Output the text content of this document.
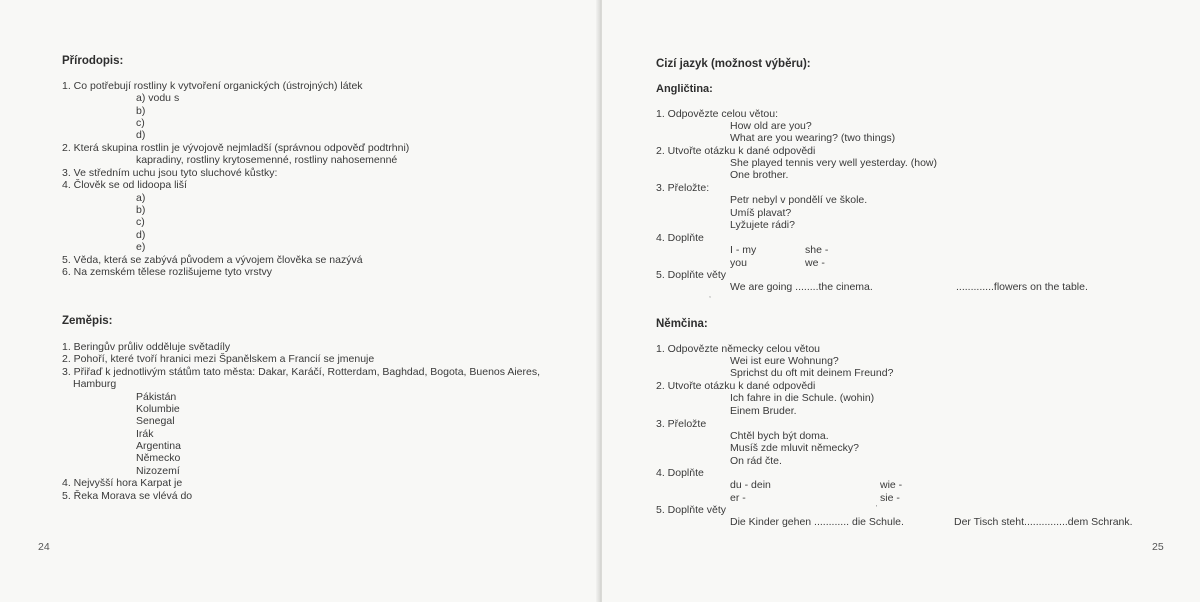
Přírodopis:
1. Co potřebují rostliny k vytvoření organických (ústrojných) látek
a) vodu s
b)
c)
d)
2. Která skupina rostlin je vývojově nejmladší (správnou odpověď podtrhni)
kapradiny, rostliny krytosemenné, rostliny nahosemenné
3. Ve středním uchu jsou tyto sluchové kůstky:
4. Člověk se od lidoopa liší
a)
b)
c)
d)
e)
5. Věda, která se zabývá původem a vývojem člověka se nazývá
6. Na zemském tělese rozlišujeme tyto vrstvy
Zeměpis:
1. Beringův průliv odděluje světadíly
2. Pohoří, které tvoří hranici mezi Španělskem a Francií se jmenuje
3. Přiřaď k jednotlivým státům tato města: Dakar, Karáčí, Rotterdam, Baghdad, Bogota, Buenos Aieres,
Hamburg
Pákistán
Kolumbie
Senegal
Irák
Argentina
Německo
Nizozemí
4. Nejvyšší hora Karpat je
5. Řeka Morava se vlévá do
24
Cizí jazyk (možnost výběru):
Angličtina:
1. Odpovězte celou větou:
How old are you?
What are you wearing? (two things)
2. Utvořte otázku k dané odpovědi
She played tennis very well yesterday. (how)
One brother.
3. Přeložte:
Petr nebyl v pondělí ve škole.
Umíš plavat?
Lyžujete rádi?
4. Doplňte
I - my	she -
you	we -
5. Doplňte věty
We are going ........the cinema.	.............flowers on the table.
,
Němčina:
1. Odpovězte německy celou větou
Wei ist eure Wohnung?
Sprichst du oft mit deinem Freund?
2. Utvořte otázku k dané odpovědi
Ich fahre in die Schule. (wohin)
Einem Bruder.
3. Přeložte
Chtěl bych být doma.
Musíš zde mluvit německy?
On rád čte.
4. Doplňte
du - dein	wie -
er -	sie -
5. Doplňte věty
Die Kinder gehen ............ die Schule.	Der Tisch steht...............dem Schrank.
'
25
